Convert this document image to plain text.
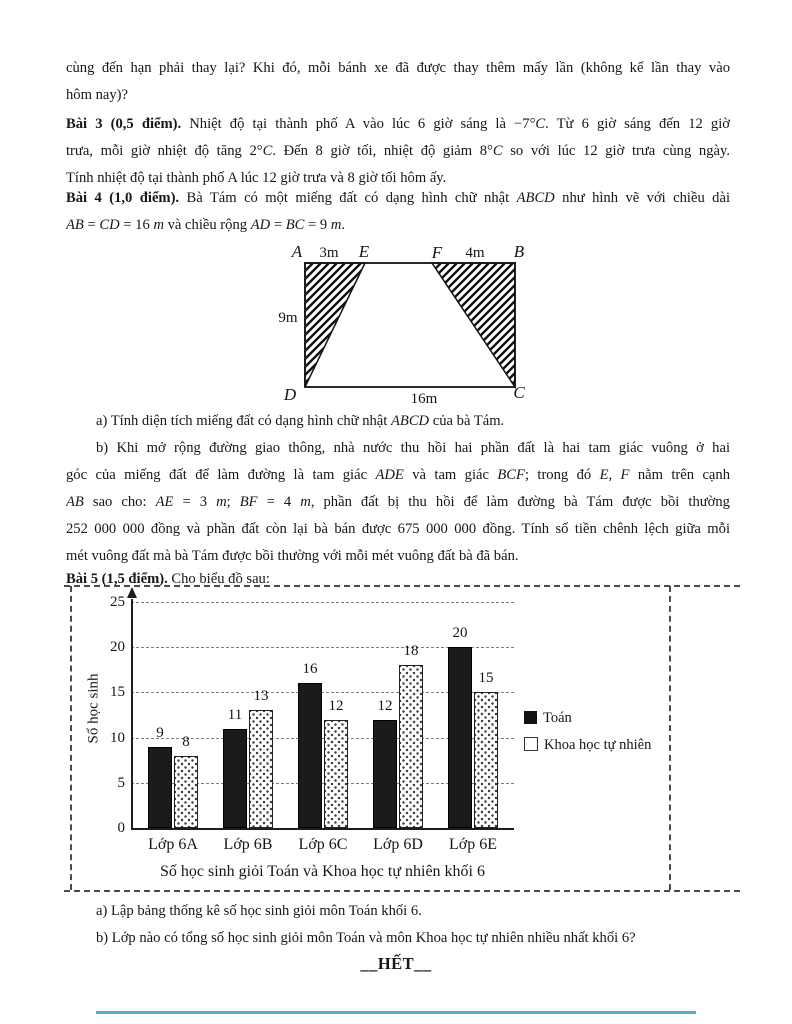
cùng đến hạn phải thay lại? Khi đó, mỗi bánh xe đã được thay thêm mấy lần (không kể lần thay vào
hôm nay)?
Bài 3 (0,5 điểm). Nhiệt độ tại thành phố A vào lúc 6 giờ sáng là −7°C. Từ 6 giờ sáng đến 12 giờ
trưa, mỗi giờ nhiệt độ tăng 2°C. Đến 8 giờ tối, nhiệt độ giảm 8°C so với lúc 12 giờ trưa cùng ngày.
Tính nhiệt độ tại thành phố A lúc 12 giờ trưa và 8 giờ tối hôm ấy.
Bài 4 (1,0 điểm). Bà Tám có một miếng đất có dạng hình chữ nhật ABCD như hình vẽ với chiều dài
AB = CD = 16 m và chiều rộng AD = BC = 9 m.
a) Tính diện tích miếng đất có dạng hình chữ nhật ABCD của bà Tám.
b) Khi mở rộng đường giao thông, nhà nước thu hồi hai phần đất là hai tam giác vuông ở hai
góc của miếng đất để làm đường là tam giác ADE và tam giác BCF; trong đó E, F nằm trên cạnh
AB sao cho: AE = 3 m; BF = 4 m, phần đất bị thu hồi để làm đường bà Tám được bồi thường
252 000 000 đồng và phần đất còn lại bà bán được 675 000 000 đồng. Tính số tiền chênh lệch giữa mỗi
mét vuông đất mà bà Tám được bồi thường với mỗi mét vuông đất bà đã bán.
Bài 5 (1,5 điểm). Cho biểu đồ sau:
a) Lập bảng thống kê số học sinh giỏi môn Toán khối 6.
b) Lớp nào có tổng số học sinh giỏi môn Toán và môn Khoa học tự nhiên nhiều nhất khối 6?
A 3m E	F 4m B
9m
D	C
16m
0
5
10
15
20
25
9
11
16
12
20
8
13
12
18
15
Lớp 6A	Lớp 6B	Lớp 6C	Lớp 6D	Lớp 6E
Số học sinh
Số học sinh giỏi Toán và Khoa học tự nhiên khối 6
Toán
Khoa học tự nhiên
__HẾT__
